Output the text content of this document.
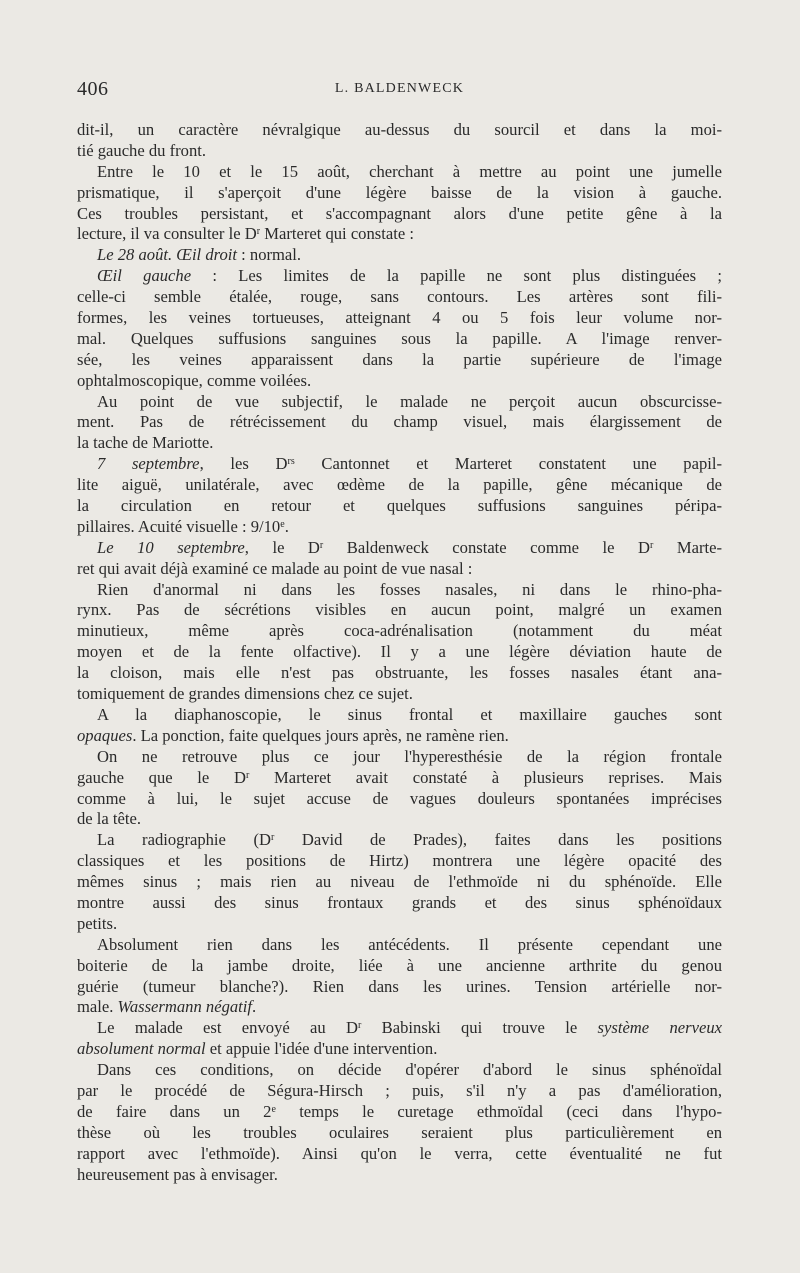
406	L. BALDENWECK
dit-il, un caractère névralgique au-dessus du sourcil et dans la moi-
tié gauche du front.
Entre le 10 et le 15 août, cherchant à mettre au point une jumelle
prismatique, il s'aperçoit d'une légère baisse de la vision à gauche.
Ces troubles persistant, et s'accompagnant alors d'une petite gêne à la
lecture, il va consulter le $D^r$ Marteret qui constate :
Le 28 août. Œil droit : normal.
Œil gauche : Les limites de la papille ne sont plus distinguées ;
celle-ci semble étalée, rouge, sans contours. Les artères sont fili-
formes, les veines tortueuses, atteignant 4 ou 5 fois leur volume nor-
mal. Quelques suffusions sanguines sous la papille. A l'image renver-
sée, les veines apparaissent dans la partie supérieure de l'image
ophtalmoscopique, comme voilées.
Au point de vue subjectif, le malade ne perçoit aucun obscurcisse-
ment. Pas de rétrécissement du champ visuel, mais élargissement de
la tache de Mariotte.
7 septembre, les $D^{rs}$ Cantonnet et Marteret constatent une papil-
lite aiguë, unilatérale, avec œdème de la papille, gêne mécanique de
la circulation en retour et quelques suffusions sanguines péripa-
pillaires. Acuité visuelle : 9/10e.
Le 10 septembre, le $D^r$ Baldenweck constate comme le $D^r$ Marte-
ret qui avait déjà examiné ce malade au point de vue nasal :
Rien d'anormal ni dans les fosses nasales, ni dans le rhino-pha-
rynx. Pas de sécrétions visibles en aucun point, malgré un examen
minutieux, même après coca-adrénalisation (notamment du méat
moyen et de la fente olfactive). Il y a une légère déviation haute de
la cloison, mais elle n'est pas obstruante, les fosses nasales étant ana-
tomiquement de grandes dimensions chez ce sujet.
A la diaphanoscopie, le sinus frontal et maxillaire gauches sont
opaques. La ponction, faite quelques jours après, ne ramène rien.
On ne retrouve plus ce jour l'hyperesthésie de la région frontale
gauche que le $D^r$ Marteret avait constaté à plusieurs reprises. Mais
comme à lui, le sujet accuse de vagues douleurs spontanées imprécises
de la tête.
La radiographie ($D^r$ David de Prades), faites dans les positions
classiques et les positions de Hirtz) montrera une légère opacité des
mêmes sinus ; mais rien au niveau de l'ethmoïde ni du sphénoïde. Elle
montre aussi des sinus frontaux grands et des sinus sphénoïdaux
petits.
Absolument rien dans les antécédents. Il présente cependant une
boiterie de la jambe droite, liée à une ancienne arthrite du genou
guérie (tumeur blanche?). Rien dans les urines. Tension artérielle nor-
male. Wassermann négatif.
Le malade est envoyé au $D^r$ Babinski qui trouve le système nerveux
absolument normal et appuie l'idée d'une intervention.
Dans ces conditions, on décide d'opérer d'abord le sinus sphénoïdal
par le procédé de Ségura-Hirsch ; puis, s'il n'y a pas d'amélioration,
de faire dans un 2e temps le curetage ethmoïdal (ceci dans l'hypo-
thèse où les troubles oculaires seraient plus particulièrement en
rapport avec l'ethmoïde). Ainsi qu'on le verra, cette éventualité ne fut
heureusement pas à envisager.
